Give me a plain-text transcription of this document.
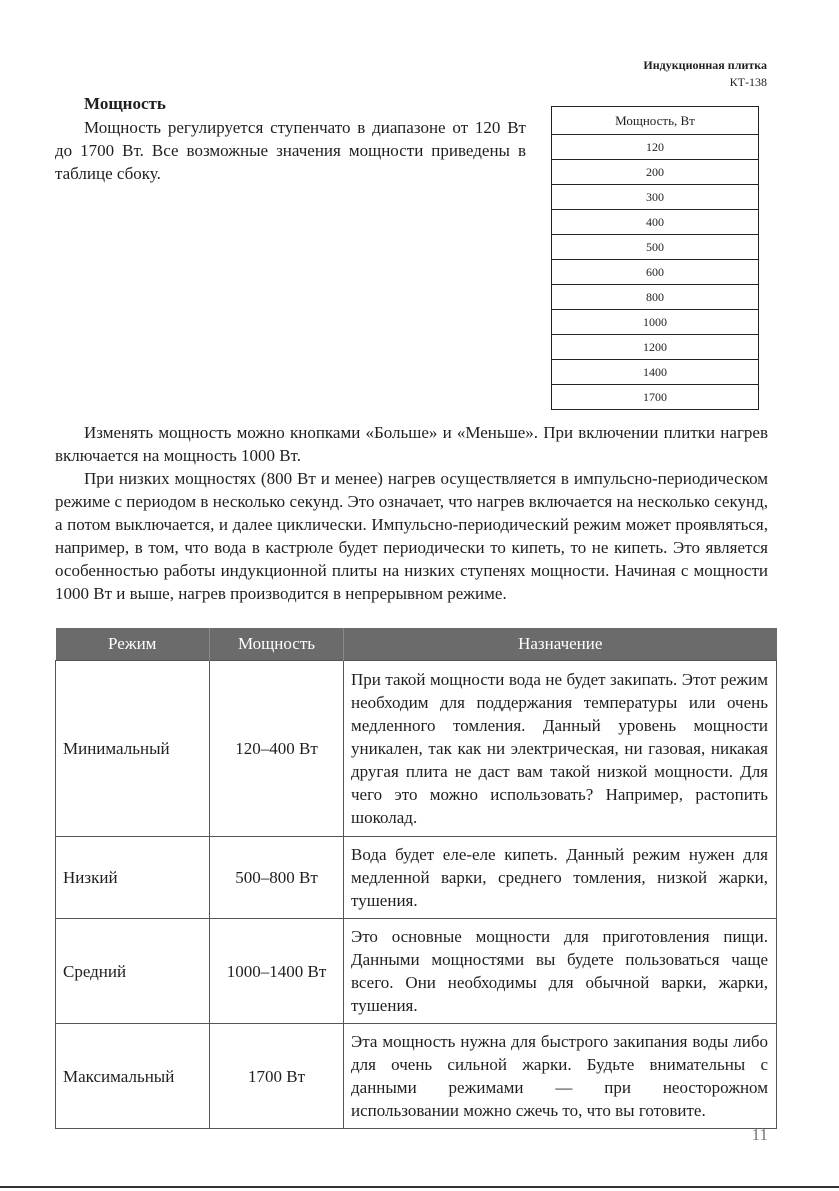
Индукционная плитка
КТ-138
Мощность

Мощность регулируется ступенчато в диапазоне от 120 Вт до 1700 Вт. Все возможные значения мощности приведены в таблице сбоку.

Мощность, Вт
120
200
300
400
500
600
800
1000
1200
1400
1700

Изменять мощность можно кнопками «Больше» и «Меньше». При включении плитки нагрев включается на мощность 1000 Вт.

При низких мощностях (800 Вт и менее) нагрев осуществляется в импульсно-периодическом режиме с периодом в несколько секунд. Это означает, что нагрев включается на несколько секунд, а потом выключается, и далее циклически. Импульсно-периодический режим может проявляться, например, в том, что вода в кастрюле будет периодически то кипеть, то не кипеть. Это является особенностью работы индукционной плиты на низких ступенях мощности. Начиная с мощности 1000 Вт и выше, нагрев производится в непрерывном режиме.

Режим	Мощность	Назначение
Минимальный	120–400 Вт	При такой мощности вода не будет закипать. Этот режим необходим для поддержания температуры или очень медленного томления. Данный уровень мощности уникален, так как ни электрическая, ни газовая, никакая другая плита не даст вам такой низкой мощности. Для чего это можно использовать? Например, растопить шоколад.
Низкий	500–800 Вт	Вода будет еле-еле кипеть. Данный режим нужен для медленной варки, среднего томления, низкой жарки, тушения.
Средний	1000–1400 Вт	Это основные мощности для приготовления пищи. Данными мощностями вы будете пользоваться чаще всего. Они необходимы для обычной варки, жарки, тушения.
Максимальный	1700 Вт	Эта мощность нужна для быстрого закипания воды либо для очень сильной жарки. Будьте внимательны с данными режимами — при неосторожном использовании можно сжечь то, что вы готовите.
11
